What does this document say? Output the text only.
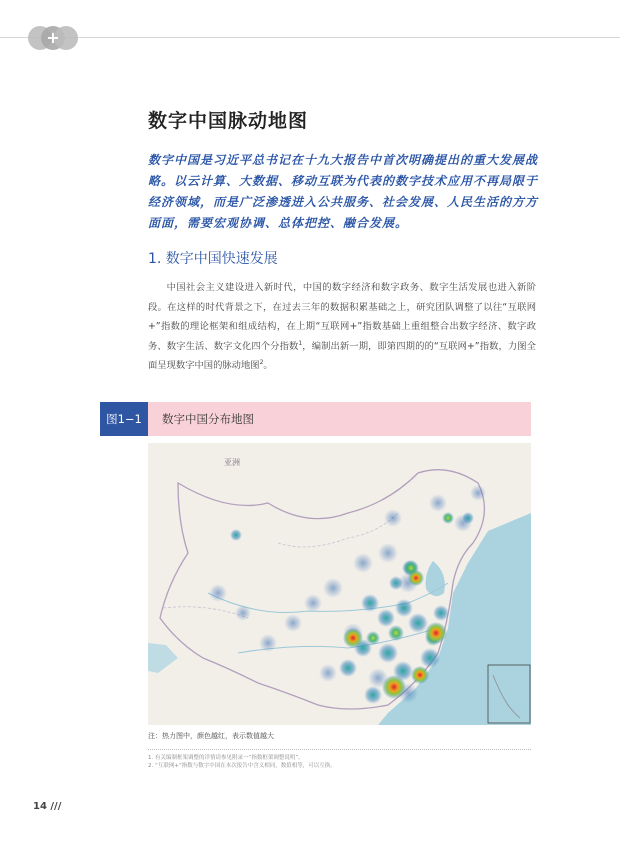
+
数字中国脉动地图
数字中国是习近平总书记在十九大报告中首次明确提出的重大发展战略。以云计算、大数据、移动互联为代表的数字技术应用不再局限于经济领域，而是广泛渗透进入公共服务、社会发展、人民生活的方方面面，需要宏观协调、总体把控、融合发展。
1. 数字中国快速发展
中国社会主义建设进入新时代，中国的数字经济和数字政务、数字生活发展也进入新阶段。在这样的时代背景之下，在过去三年的数据积累基础之上，研究团队调整了以往“互联网+”指数的理论框架和组成结构，在上期“互联网+”指数基础上重组整合出数字经济、数字政务、数字生活、数字文化四个分指数$^1$，编制出新一期，即第四期的的“互联网+”指数，力图全面呈现数字中国的脉动地图$^2$。
图1−1	数字中国分布地图
亚洲
注：热力图中，颜色越红，表示数值越大
1. 有关编制框架调整的详情请参见附录一“指数框架调整说明”。
2. “互联网+”指数与数字中国在本次报告中含义相同，数值相等，可以互换。
14 ///
